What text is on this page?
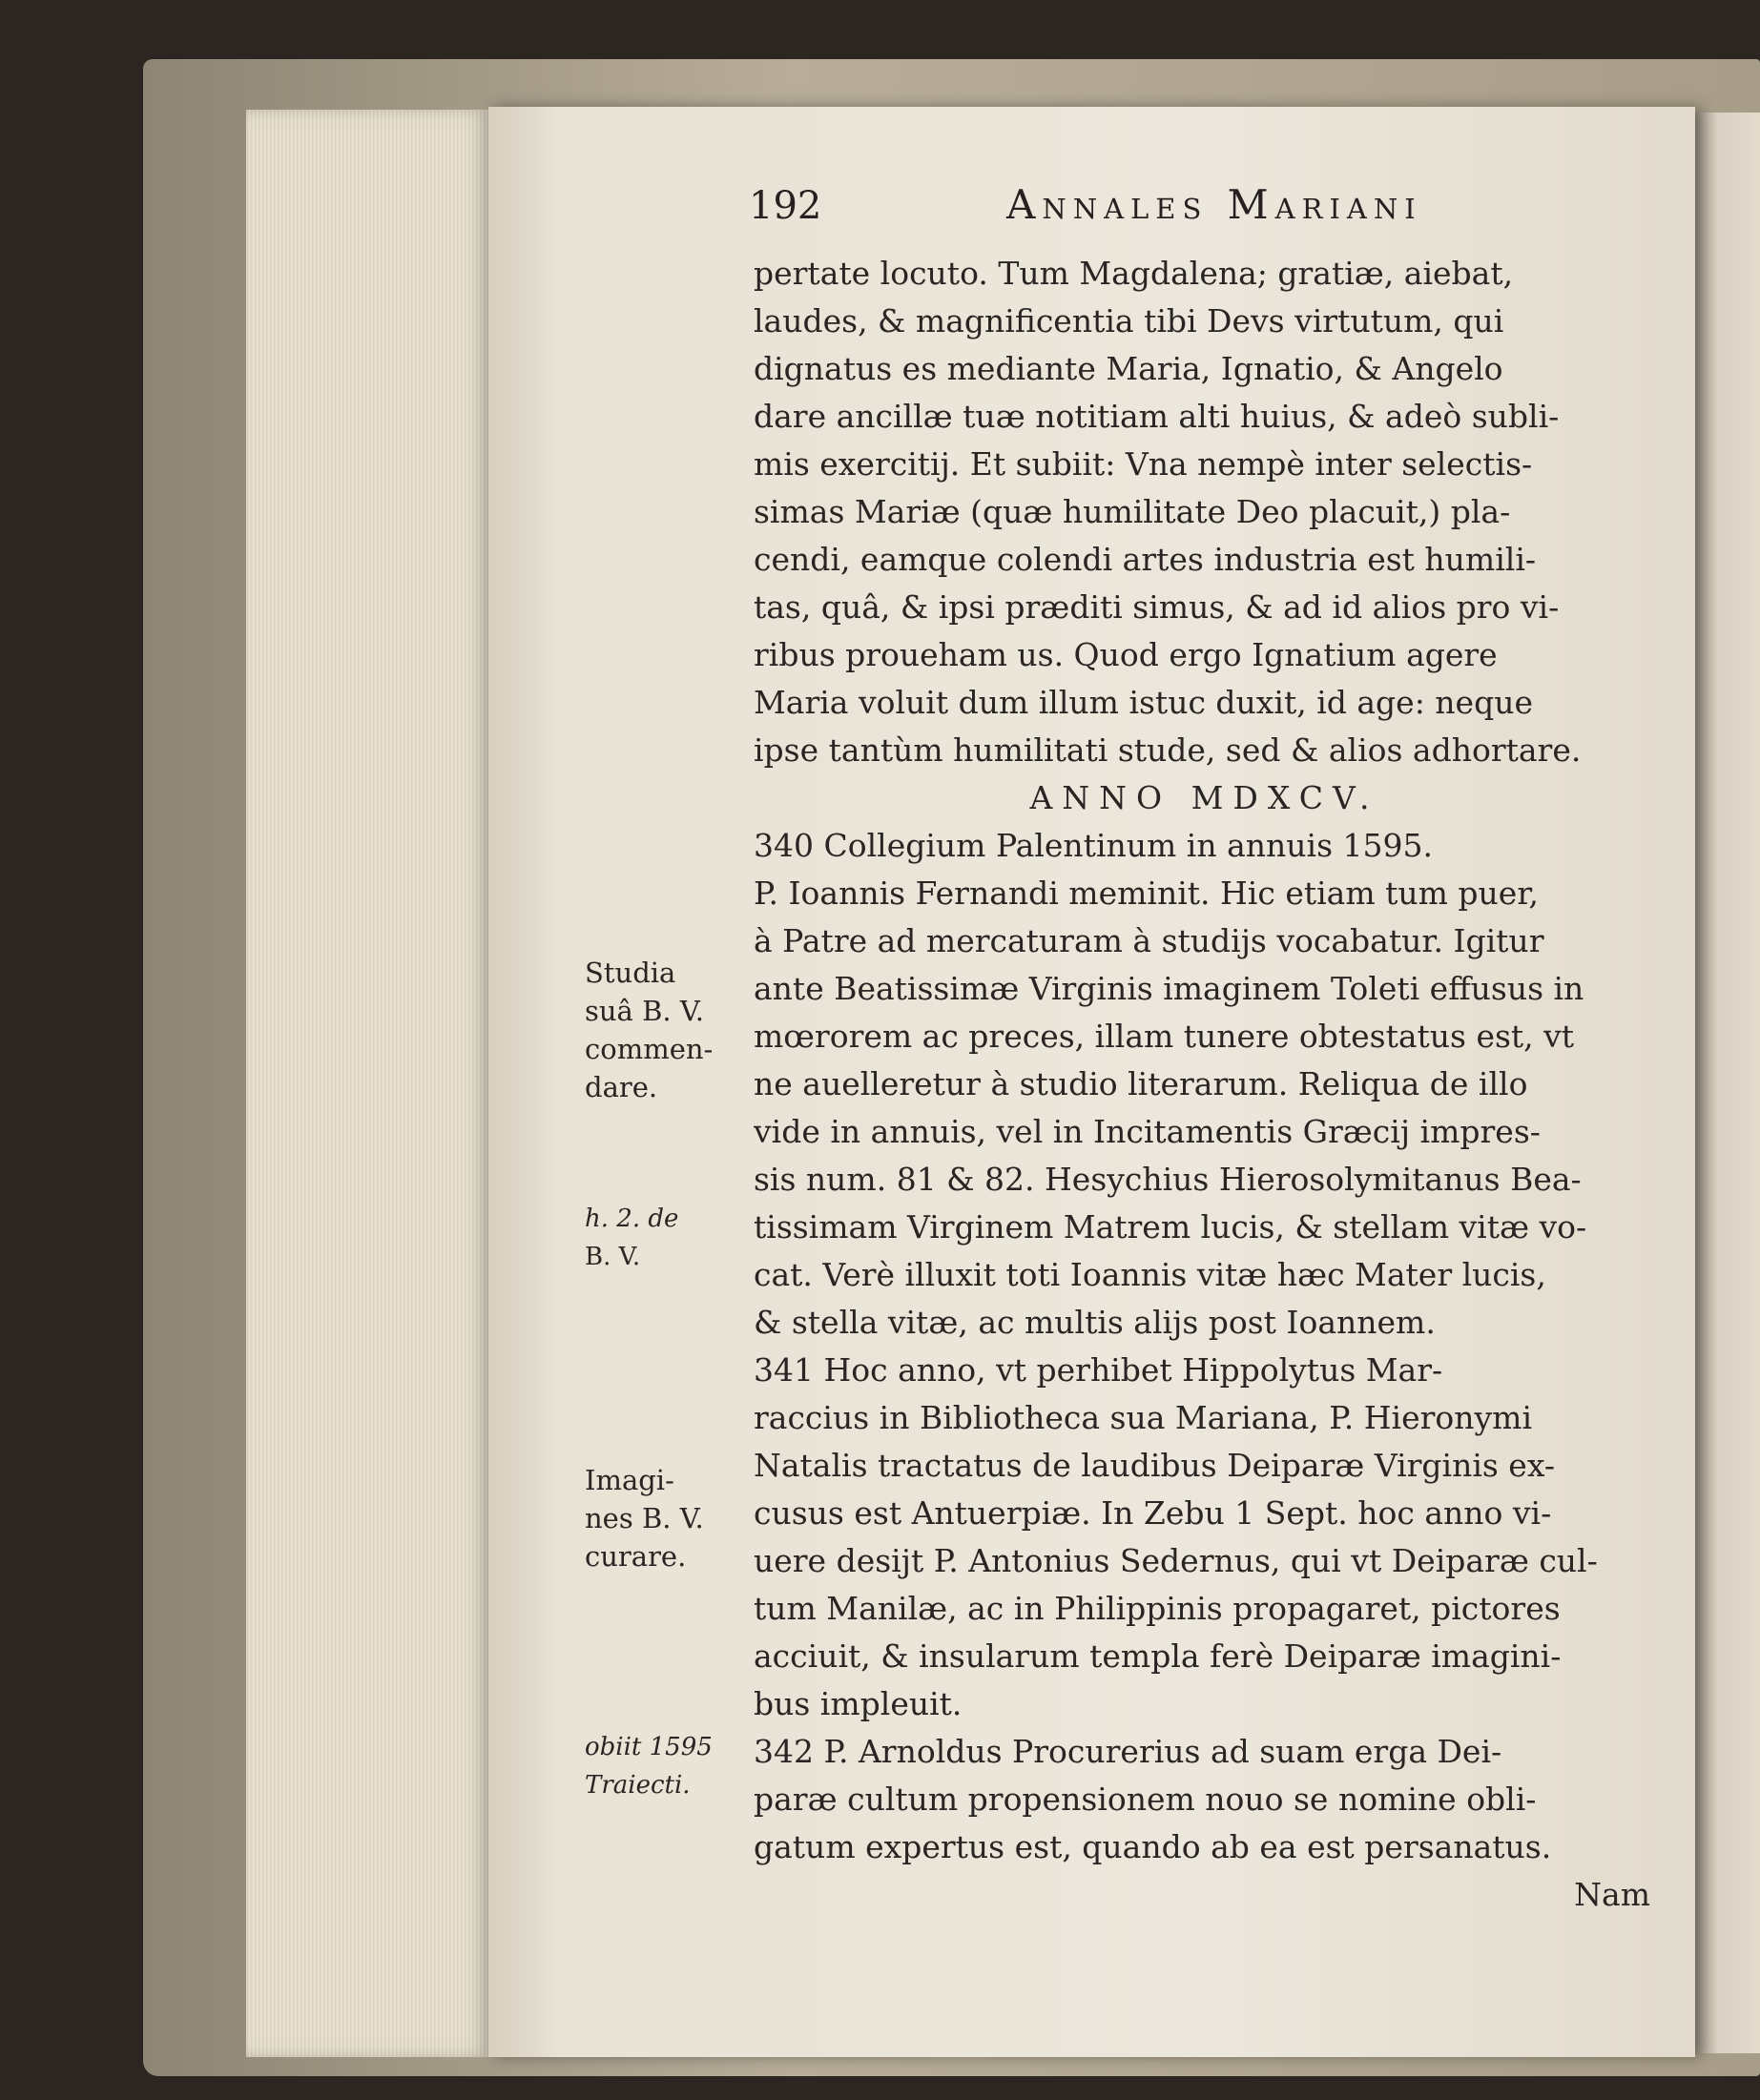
192	Annales Mariani
pertate locuto. Tum Magdalena; gratiæ, aiebat,
laudes, & magnificentia tibi Devs virtutum, qui
dignatus es mediante Maria, Ignatio, & Angelo
dare ancillæ tuæ notitiam alti huius, & adeò subli-
mis exercitij. Et subiit: Vna nempè inter selectis-
simas Mariæ (quæ humilitate Deo placuit,) pla-
cendi, eamque colendi artes industria est humili-
tas, quâ, & ipsi præditi simus, & ad id alios pro vi-
ribus proueham us. Quod ergo Ignatium agere
Maria voluit dum illum istuc duxit, id age: neque
ipse tantùm humilitati stude, sed & alios adhortare.
ANNO MDXCV.
340 Collegium Palentinum in annuis 1595.
P. Ioannis Fernandi meminit. Hic etiam tum puer,
à Patre ad mercaturam à studijs vocabatur. Igitur
ante Beatissimæ Virginis imaginem Toleti effusus in
mœrorem ac preces, illam tunere obtestatus est, vt
ne auelleretur à studio literarum. Reliqua de illo
vide in annuis, vel in Incitamentis Græcij impres-
sis num. 81 & 82. Hesychius Hierosolymitanus Bea-
tissimam Virginem Matrem lucis, & stellam vitæ vo-
cat. Verè illuxit toti Ioannis vitæ hæc Mater lucis,
& stella vitæ, ac multis alijs post Ioannem.
341 Hoc anno, vt perhibet Hippolytus Mar-
raccius in Bibliotheca sua Mariana, P. Hieronymi
Natalis tractatus de laudibus Deiparæ Virginis ex-
cusus est Antuerpiæ. In Zebu 1 Sept. hoc anno vi-
uere desijt P. Antonius Sedernus, qui vt Deiparæ cul-
tum Manilæ, ac in Philippinis propagaret, pictores
acciuit, & insularum templa ferè Deiparæ imagini-
bus impleuit.
342 P. Arnoldus Procurerius ad suam erga Dei-
paræ cultum propensionem nouo se nomine obli-
gatum expertus est, quando ab ea est persanatus.
Nam
Studia
suâ B. V.
commen-
dare.
h. 2. de
B. V.
Imagi-
nes B. V.
curare.
obiit 1595
Traiecti.
